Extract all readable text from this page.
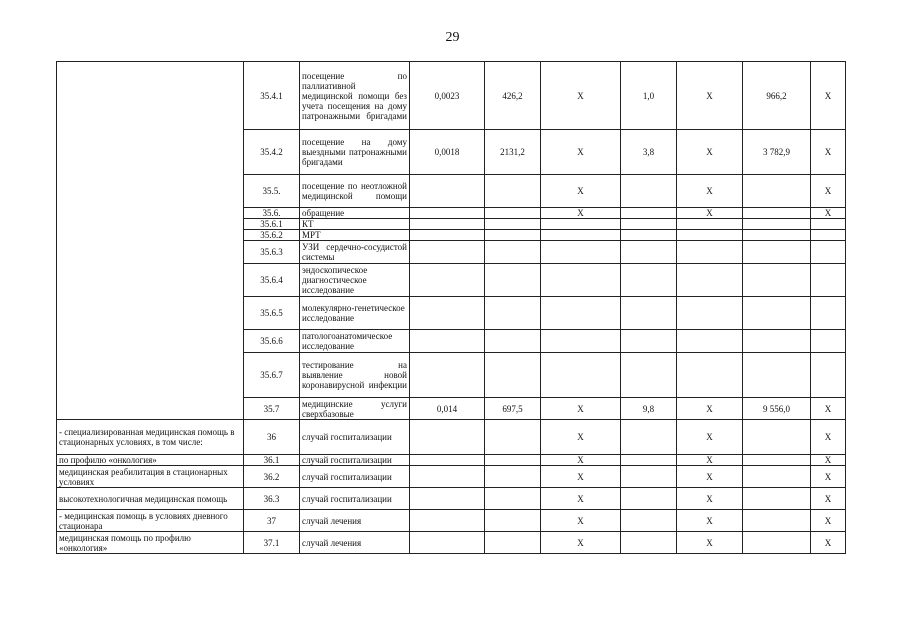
29
	35.4.1	посещение по паллиативной медицинской помощи без учета посещения на дому патронажными бригадами	0,0023	426,2	X	1,0	X	966,2	X
	35.4.2	посещение на дому выездными патронажными бригадами	0,0018	2131,2	X	3,8	X	3 782,9	X
	35.5.	посещение по неотложной медицинской помощи			X		X		X
	35.6.	обращение			X		X		X
	35.6.1	КТ							
	35.6.2	МРТ							
	35.6.3	УЗИ сердечно-сосудистой системы							
	35.6.4	эндоскопическое диагностическое исследование							
	35.6.5	молекулярно-генетическое исследование							
	35.6.6	патологоанатомическое исследование							
	35.6.7	тестирование на выявление новой коронавирусной инфекции							
	35.7	медицинские услуги сверхбазовые	0,014	697,5	X	9,8	X	9 556,0	X
- специализированная медицинская помощь в стационарных условиях, в том числе:	36	случай госпитализации			X		X		X
по профилю «онкология»	36.1	случай госпитализации			X		X		X
медицинская реабилитация в стационарных условиях	36.2	случай госпитализации			X		X		X
высокотехнологичная медицинская помощь	36.3	случай госпитализации			X		X		X
- медицинская помощь в условиях дневного стационара	37	случай лечения			X		X		X
медицинская помощь по профилю «онкология»	37.1	случай лечения			X		X		X
